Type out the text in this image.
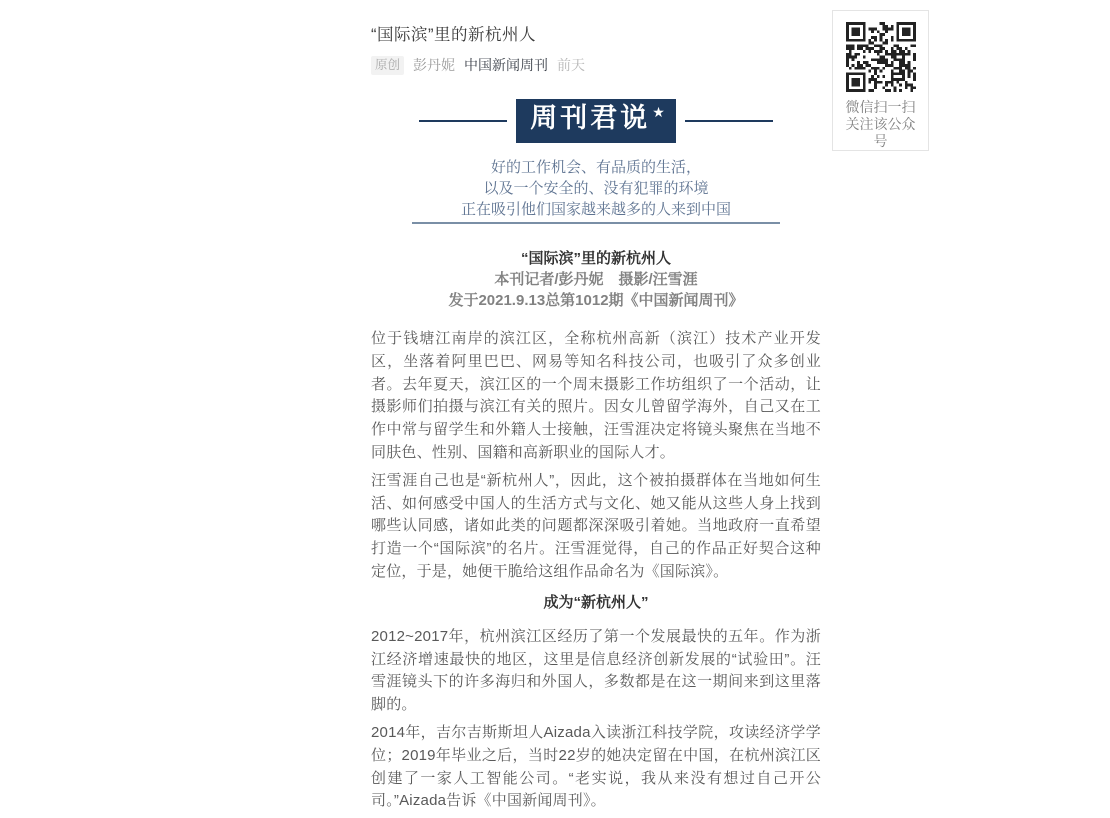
“国际滨”里的新杭州人
原创 彭丹妮 中国新闻周刊 前天
周刊君说 ★
好的工作机会、有品质的生活，
以及一个安全的、没有犯罪的环境
正在吸引他们国家越来越多的人来到中国
“国际滨”里的新杭州人
本刊记者/彭丹妮　摄影/汪雪涯
发于2021.9.13总第1012期《中国新闻周刊》

位于钱塘江南岸的滨江区，全称杭州高新（滨江）技术产业开发区，坐落着阿里巴巴、网易等知名科技公司，也吸引了众多创业者。去年夏天，滨江区的一个周末摄影工作坊组织了一个活动，让摄影师们拍摄与滨江有关的照片。因女儿曾留学海外，自己又在工作中常与留学生和外籍人士接触，汪雪涯决定将镜头聚焦在当地不同肤色、性别、国籍和高新职业的国际人才。

汪雪涯自己也是“新杭州人”，因此，这个被拍摄群体在当地如何生活、如何感受中国人的生活方式与文化、她又能从这些人身上找到哪些认同感，诸如此类的问题都深深吸引着她。当地政府一直希望打造一个“国际滨”的名片。汪雪涯觉得，自己的作品正好契合这种定位，于是，她便干脆给这组作品命名为《国际滨》。

成为“新杭州人”

2012~2017年，杭州滨江区经历了第一个发展最快的五年。作为浙江经济增速最快的地区，这里是信息经济创新发展的“试验田”。汪雪涯镜头下的许多海归和外国人，多数都是在这一期间来到这里落脚的。

2014年，吉尔吉斯斯坦人Aizada入读浙江科技学院，攻读经济学学位；2019年毕业之后，当时22岁的她决定留在中国，在杭州滨江区创建了一家人工智能公司。“老实说，我从来没有想过自己开公司。”Aizada告诉《中国新闻周刊》。

微信扫一扫关注该公众号
